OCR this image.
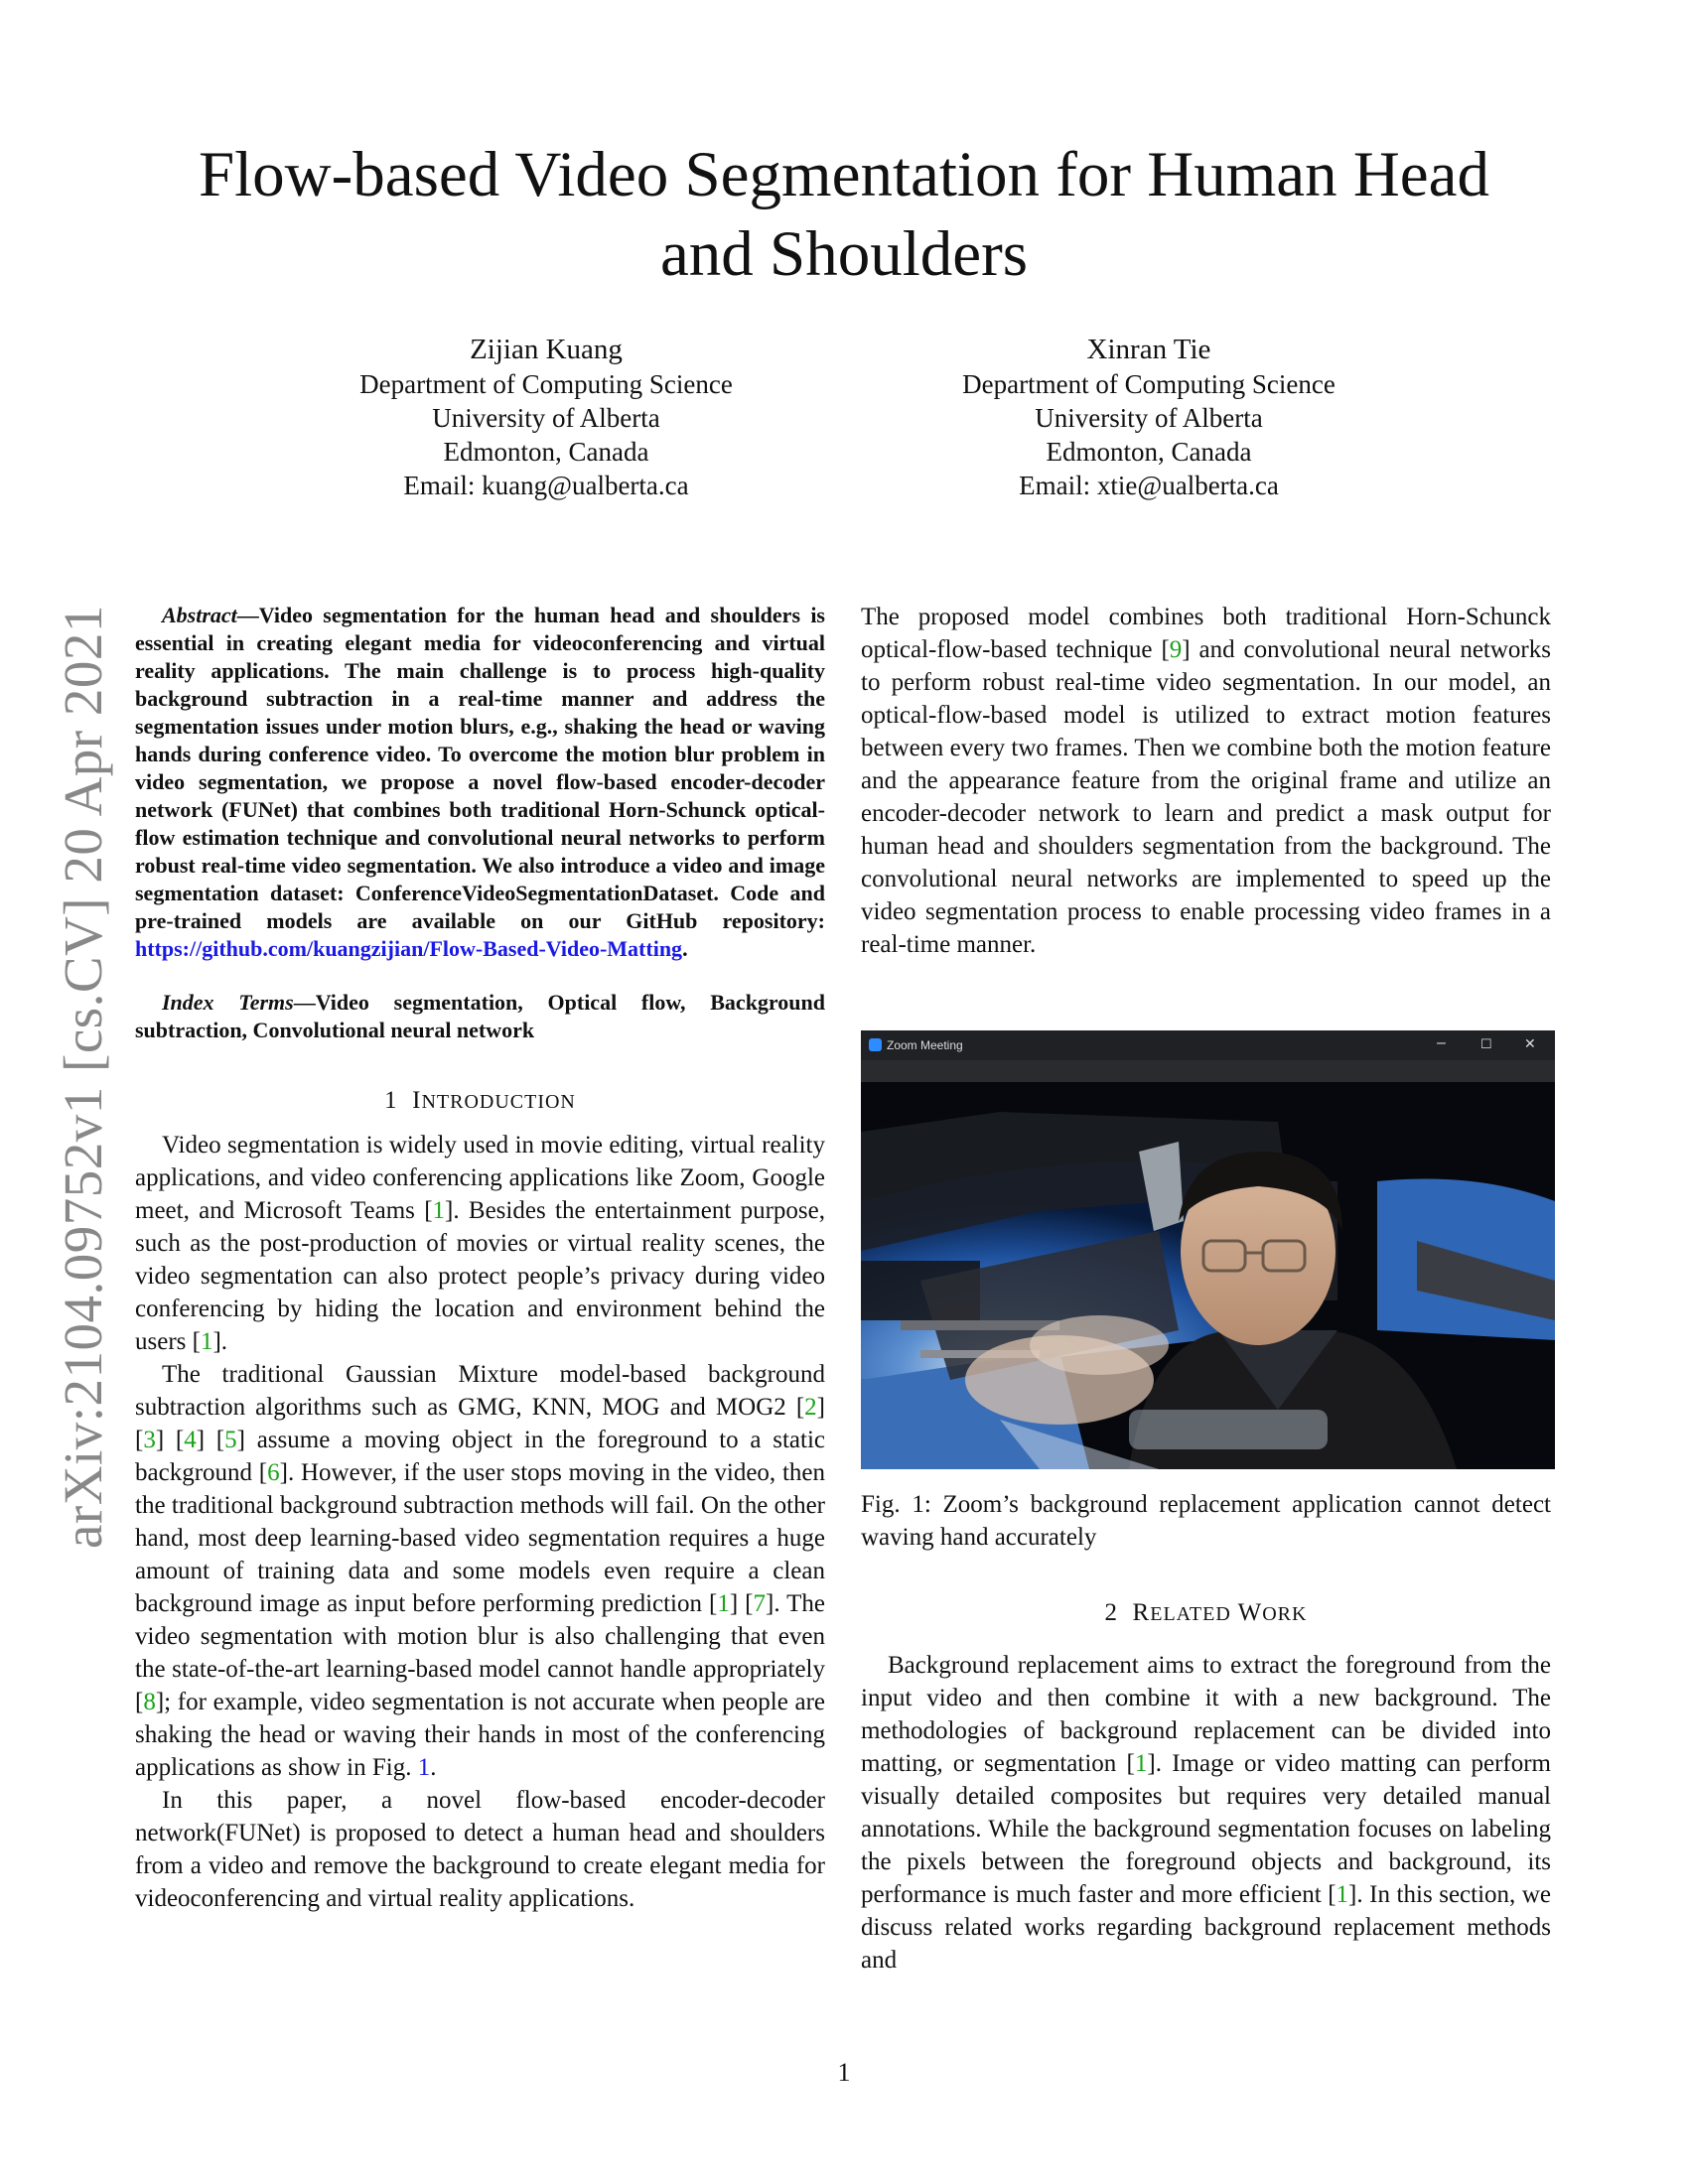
Flow-based Video Segmentation for Human Head
and Shoulders
Zijian Kuang
Department of Computing Science
University of Alberta
Edmonton, Canada
Email: kuang@ualberta.ca
Xinran Tie
Department of Computing Science
University of Alberta
Edmonton, Canada
Email: xtie@ualberta.ca
arXiv:2104.09752v1 [cs.CV] 20 Apr 2021	Abstract—Video segmentation for the human head and shoulders is essential in creating elegant media for videoconferencing and virtual reality applications. The main challenge is to process high-quality background subtraction in a real-time manner and address the segmentation issues under motion blurs, e.g., shaking the head or waving hands during conference video. To overcome the motion blur problem in video segmentation, we propose a novel flow-based encoder-decoder network (FUNet) that combines both traditional Horn-Schunck optical-flow estimation technique and convolutional neural networks to perform robust real-time video segmentation. We also introduce a video and image segmentation dataset: ConferenceVideoSegmentationDataset. Code and pre-trained models are available on our GitHub repository: https://github.com/kuangzijian/Flow-Based-Video-Matting.

Index Terms—Video segmentation, Optical flow, Background subtraction, Convolutional neural network

1 INTRODUCTION

Video segmentation is widely used in movie editing, virtual reality applications, and video conferencing applications like Zoom, Google meet, and Microsoft Teams [1]. Besides the entertainment purpose, such as the post-production of movies or virtual reality scenes, the video segmentation can also protect people’s privacy during video conferencing by hiding the location and environment behind the users [1].

The traditional Gaussian Mixture model-based background subtraction algorithms such as GMG, KNN, MOG and MOG2 [2] [3] [4] [5] assume a moving object in the foreground to a static background [6]. However, if the user stops moving in the video, then the traditional background subtraction methods will fail. On the other hand, most deep learning-based video segmentation requires a huge amount of training data and some models even require a clean background image as input before performing prediction [1] [7]. The video segmentation with motion blur is also challenging that even the state-of-the-art learning-based model cannot handle appropriately [8]; for example, video segmentation is not accurate when people are shaking the head or waving their hands in most of the conferencing applications as show in Fig. 1.

In this paper, a novel flow-based encoder-decoder network(FUNet) is proposed to detect a human head and shoulders from a video and remove the background to create elegant media for videoconferencing and virtual reality applications.

The proposed model combines both traditional Horn-Schunck optical-flow-based technique [9] and convolutional neural networks to perform robust real-time video segmentation. In our model, an optical-flow-based model is utilized to extract motion features between every two frames. Then we combine both the motion feature and the appearance feature from the original frame and utilize an encoder-decoder network to learn and predict a mask output for human head and shoulders segmentation from the background. The convolutional neural networks are implemented to speed up the video segmentation process to enable processing video frames in a real-time manner.

Zoom Meeting	–	☐ ✕
Fig. 1: Zoom’s background replacement application cannot detect waving hand accurately
2 RELATED WORK

Background replacement aims to extract the foreground from the input video and then combine it with a new background. The methodologies of background replacement can be divided into matting, or segmentation [1]. Image or video matting can perform visually detailed composites but requires very detailed manual annotations. While the background segmentation focuses on labeling the pixels between the foreground objects and background, its performance is much faster and more efficient [1]. In this section, we discuss related works regarding background replacement methods and

1
